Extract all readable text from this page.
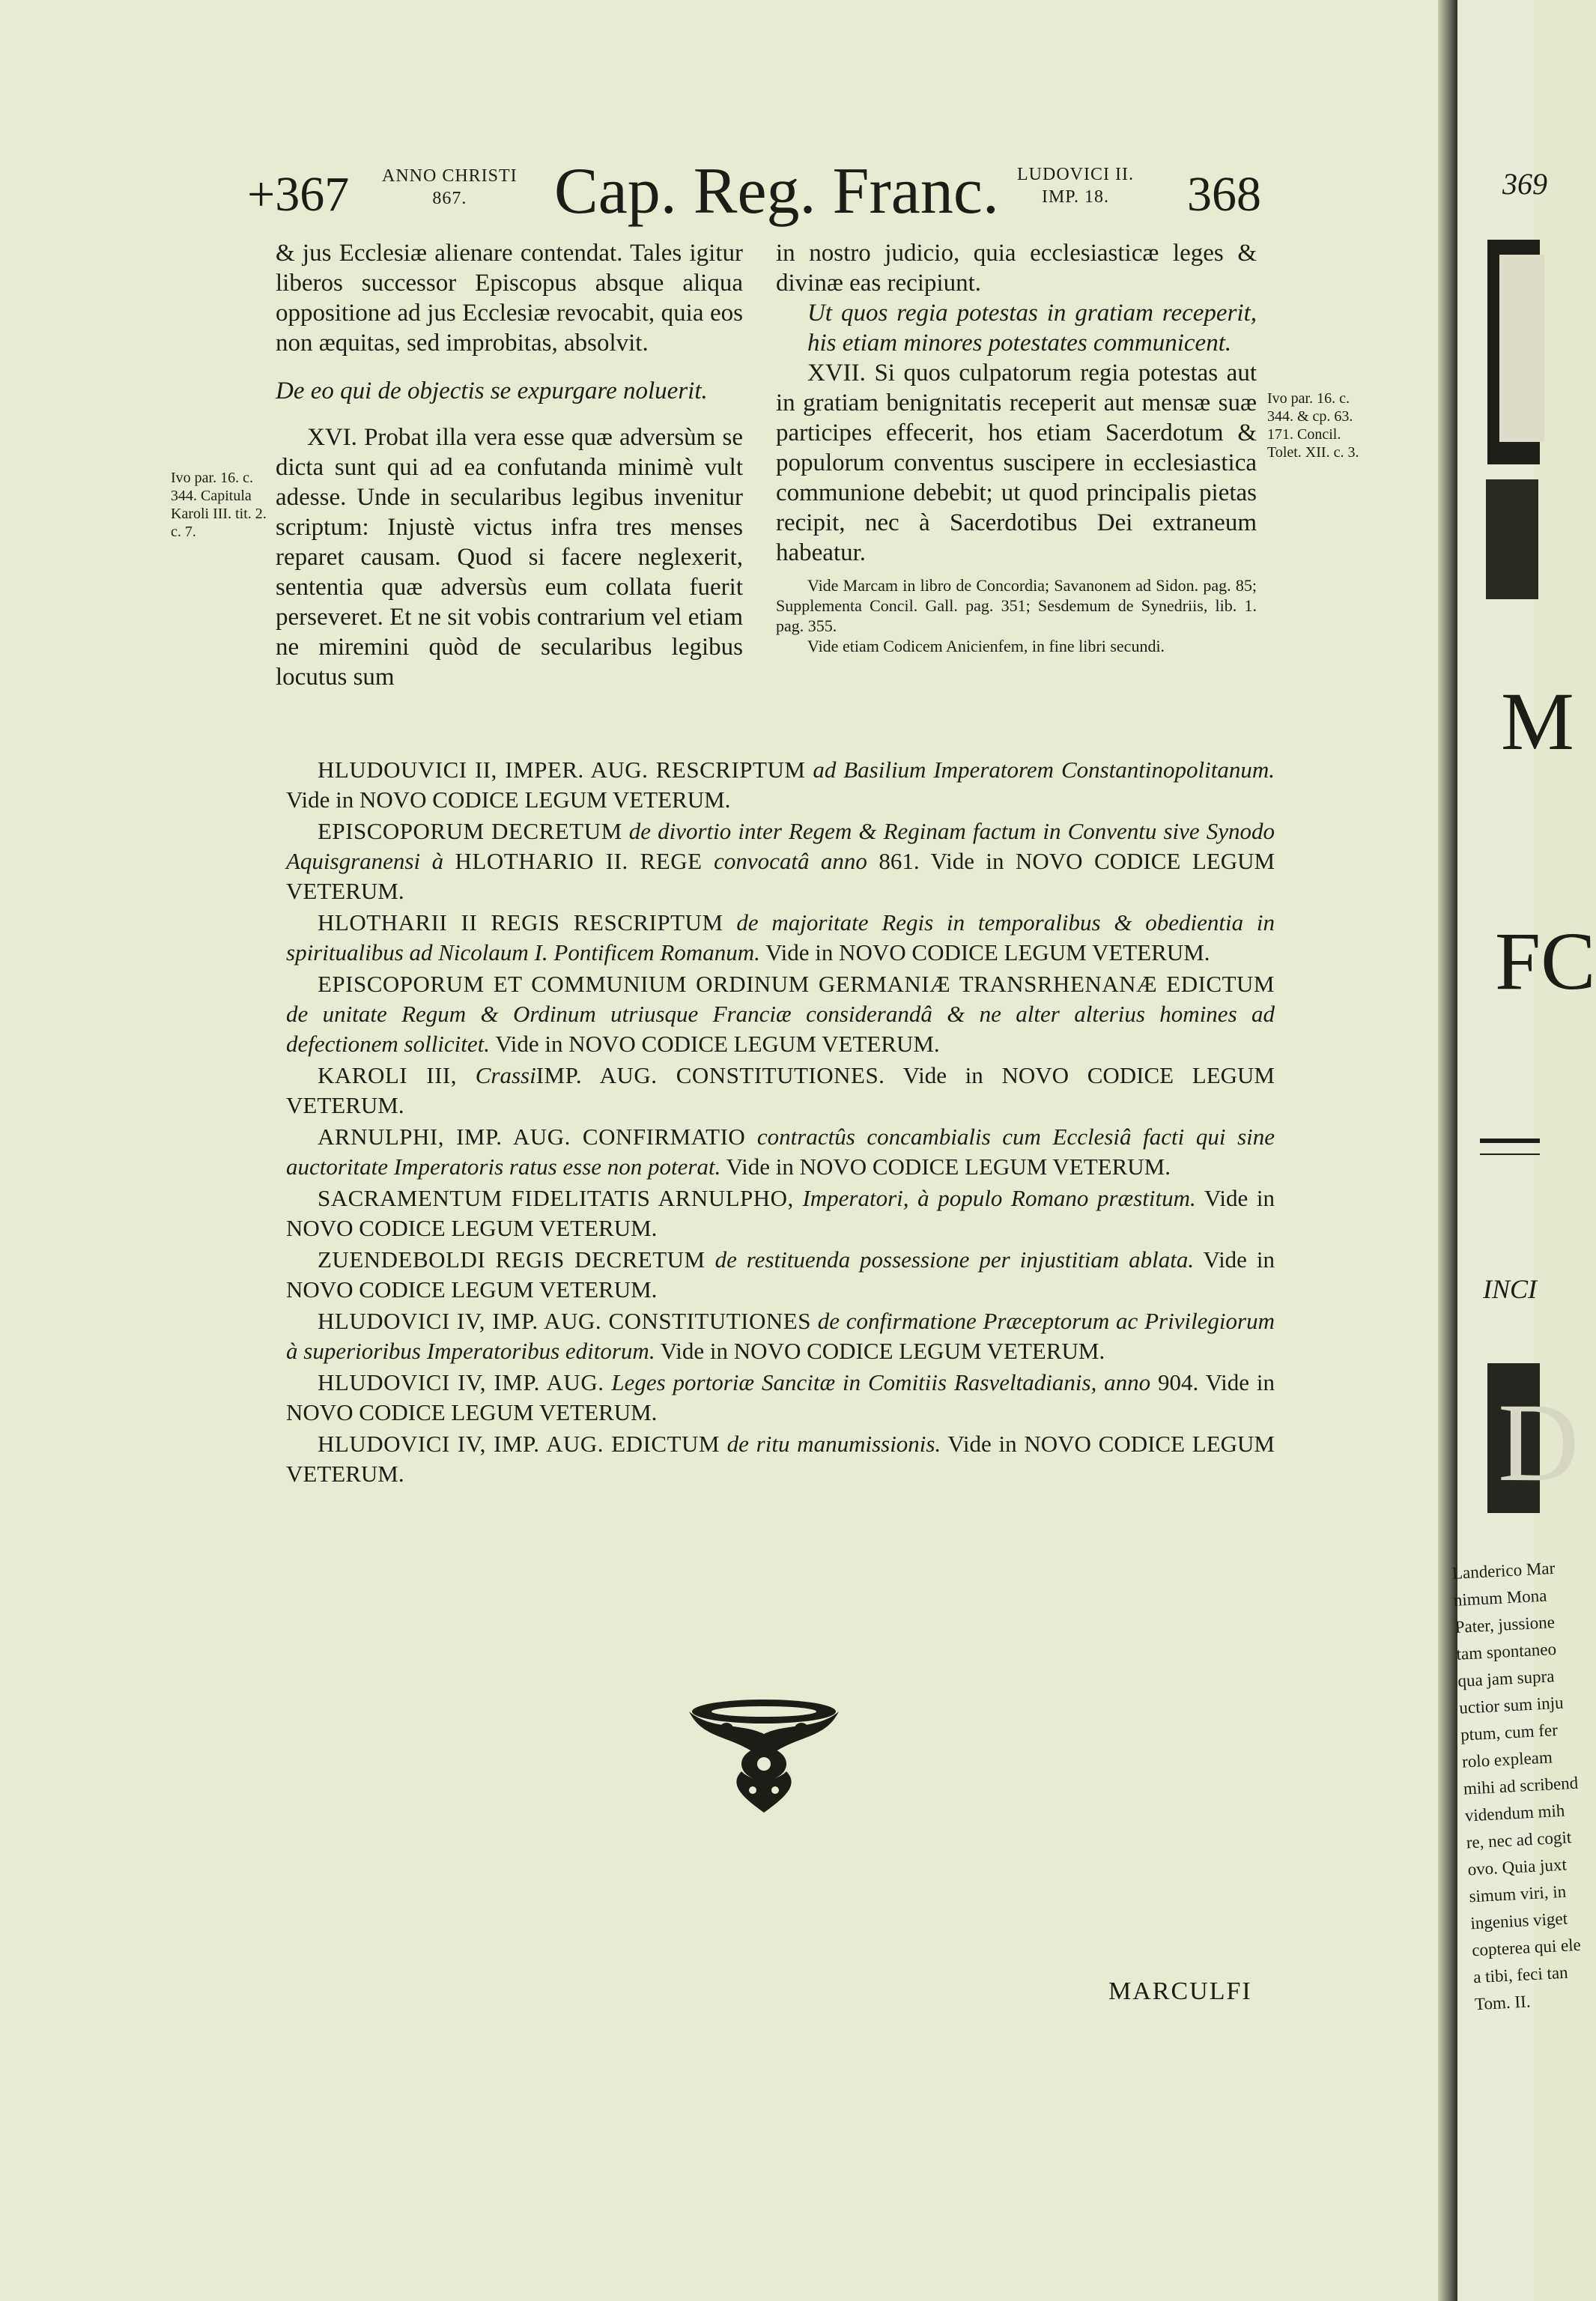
+367 ANNO CHRISTI
867.	Cap. Reg. Franc. LUDOVICI II.
IMP. 18.	368
Ivo par. 16. c. 344. Capitula Karoli III. tit. 2. c. 7.

& jus Ecclesiæ alienare contendat. Tales igitur liberos successor Episcopus absque aliqua oppositione ad jus Ecclesiæ revocabit, quia eos non æquitas, sed improbitas, absolvit.

De eo qui de objectis se expurgare noluerit.

XVI. Probat illa vera esse quæ adversùm se dicta sunt qui ad ea confutanda minimè vult adesse. Unde in secularibus legibus invenitur scriptum: Injustè victus infra tres menses reparet causam. Quod si facere neglexerit, sententia quæ adversùs eum collata fuerit perseveret. Et ne sit vobis contrarium vel etiam ne miremini quòd de secularibus legibus locutus sum

in nostro judicio, quia ecclesiasticæ leges & divinæ eas recipiunt.

Ut quos regia potestas in gratiam receperit, his etiam minores potestates communicent.

XVII. Si quos culpatorum regia potestas aut in gratiam benignitatis receperit aut mensæ suæ participes effecerit, hos etiam Sacerdotum & populorum conventus suscipere in ecclesiastica communione debebit; ut quod principalis pietas recipit, nec à Sacerdotibus Dei extraneum habeatur.

Vide Marcam in libro de Concordia; Savanonem ad Sidon. pag. 85; Supplementa Concil. Gall. pag. 351; Sesdemum de Synedriis, lib. 1. pag. 355.

Vide etiam Codicem Anicienfem, in fine libri secundi.

Ivo par. 16. c. 344. & cp. 63. 171. Concil. Tolet. XII. c. 3.

HLUDOUVICI II, IMPER. AUG. RESCRIPTUM ad Basilium Imperatorem Constantinopolitanum. Vide in NOVO CODICE LEGUM VETERUM.

EPISCOPORUM DECRETUM de divortio inter Regem & Reginam factum in Conventu sive Synodo Aquisgranensi à HLOTHARIO II. REGE convocatâ anno 861. Vide in NOVO CODICE LEGUM VETERUM.

HLOTHARII II REGIS RESCRIPTUM de majoritate Regis in temporalibus & obedientia in spiritualibus ad Nicolaum I. Pontificem Romanum. Vide in NOVO CODICE LEGUM VETERUM.

EPISCOPORUM ET COMMUNIUM ORDINUM GERMANIÆ TRANSRHENANÆ EDICTUM de unitate Regum & Ordinum utriusque Franciæ considerandâ & ne alter alterius homines ad defectionem sollicitet. Vide in NOVO CODICE LEGUM VETERUM.

KAROLI III, CrassiIMP. AUG. CONSTITUTIONES. Vide in NOVO CODICE LEGUM VETERUM.

ARNULPHI, IMP. AUG. CONFIRMATIO contractûs concambialis cum Ecclesiâ facti qui sine auctoritate Imperatoris ratus esse non poterat. Vide in NOVO CODICE LEGUM VETERUM.

SACRAMENTUM FIDELITATIS ARNULPHO, Imperatori, à populo Romano præstitum. Vide in NOVO CODICE LEGUM VETERUM.

ZUENDEBOLDI REGIS DECRETUM de restituenda possessione per injustitiam ablata. Vide in NOVO CODICE LEGUM VETERUM.

HLUDOVICI IV, IMP. AUG. CONSTITUTIONES de confirmatione Præceptorum ac Privilegiorum à superioribus Imperatoribus editorum. Vide in NOVO CODICE LEGUM VETERUM.

HLUDOVICI IV, IMP. AUG. Leges portoriæ Sancitæ in Comitiis Rasveltadianis, anno 904. Vide in NOVO CODICE LEGUM VETERUM.

HLUDOVICI IV, IMP. AUG. EDICTUM de ritu manumissionis. Vide in NOVO CODICE LEGUM VETERUM.

MARCULFI
369
M
FC
INCI
D
Landerico Mar
nimum Mona
Pater, jussione
tam spontaneo
qua jam supra
uctior sum inju
ptum, cum fer
rolo expleam
mihi ad scribend
videndum mih
re, nec ad cogit
ovo. Quia juxt
simum viri, in
ingenius viget
copterea qui ele
a tibi, feci tan
Tom. II.
